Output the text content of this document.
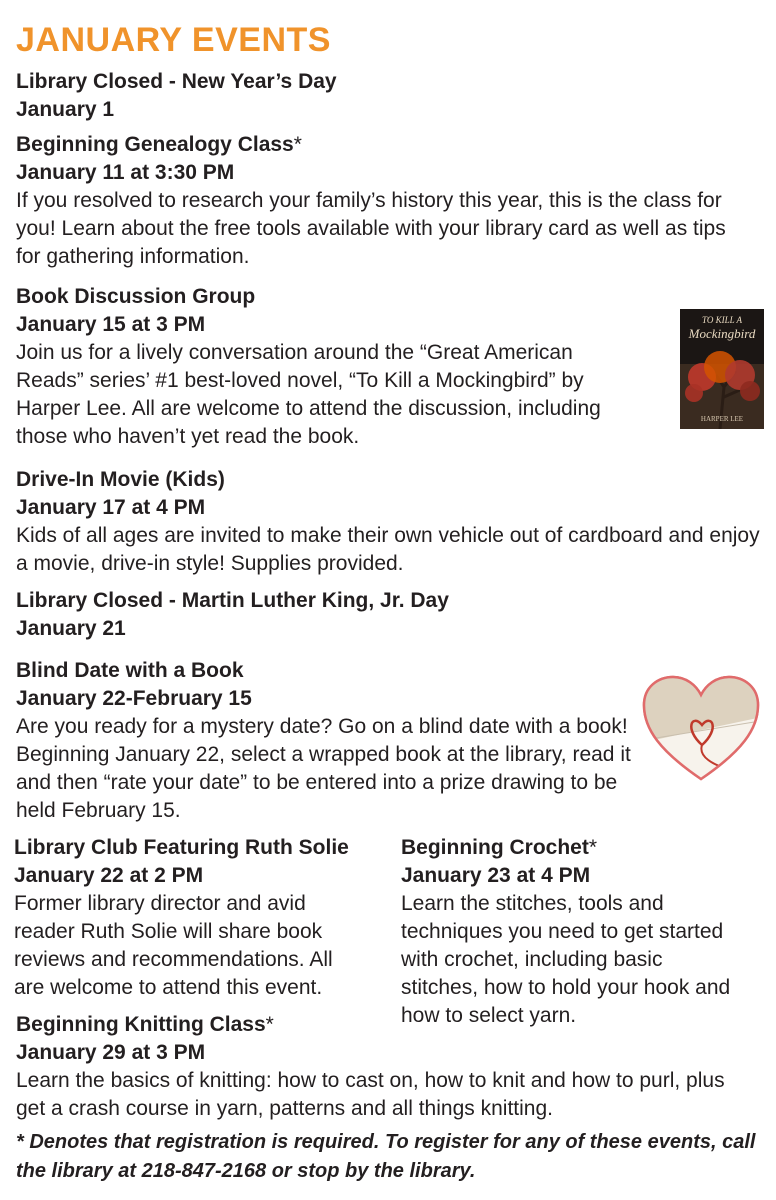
JANUARY EVENTS
Library Closed - New Year’s Day
January 1
Beginning Genealogy Class*
January 11 at 3:30 PM

If you resolved to research your family’s history this year, this is the class for you! Learn about the free tools available with your library card as well as tips for gathering information.

Book Discussion Group
January 15 at 3 PM

Join us for a lively conversation around the “Great American Reads” series’ #1 best-loved novel, “To Kill a Mockingbird” by Harper Lee. All are welcome to attend the discussion, including those who haven’t yet read the book.

TO KILL A
Mockingbird
HARPER LEE
Drive-In Movie (Kids)
January 17 at 4 PM

Kids of all ages are invited to make their own vehicle out of cardboard and enjoy a movie, drive-in style! Supplies provided.

Library Closed - Martin Luther King, Jr. Day
January 21
Blind Date with a Book
January 22-February 15

Are you ready for a mystery date? Go on a blind date with a book! Beginning January 22, select a wrapped book at the library, read it and then “rate your date” to be entered into a prize drawing to be held February 15.

Library Club Featuring Ruth Solie
January 22 at 2 PM

Former library director and avid reader Ruth Solie will share book reviews and recommendations. All are welcome to attend this event.

Beginning Crochet*
January 23 at 4 PM

Learn the stitches, tools and techniques you need to get started with crochet, including basic stitches, how to hold your hook and how to select yarn.

Beginning Knitting Class*
January 29 at 3 PM

Learn the basics of knitting: how to cast on, how to knit and how to purl, plus get a crash course in yarn, patterns and all things knitting.

* Denotes that registration is required. To register for any of these events, call the library at 218-847-2168 or stop by the library.
